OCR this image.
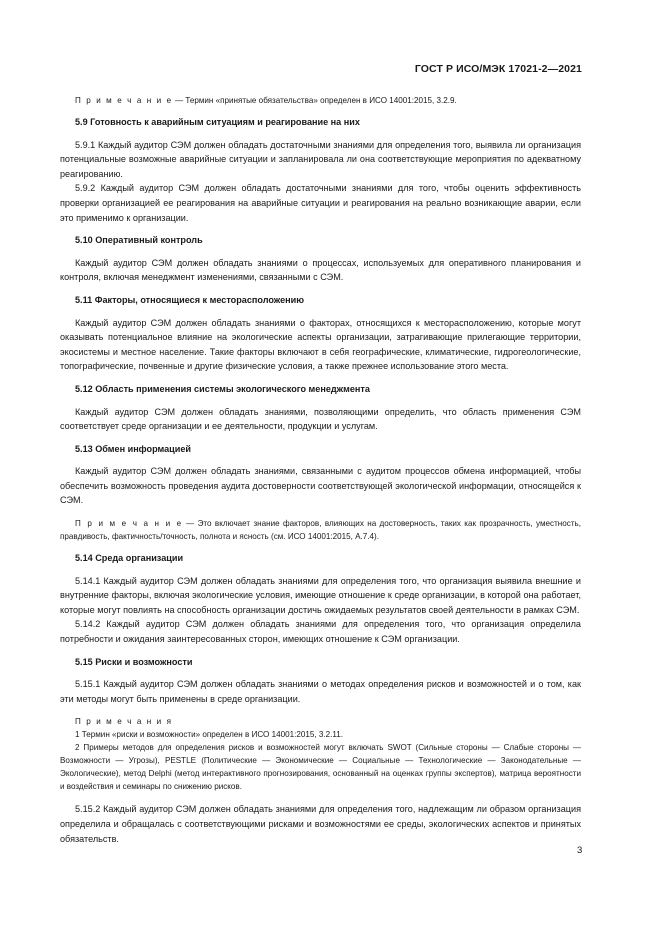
ГОСТ Р ИСО/МЭК 17021-2—2021

П р и м е ч а н и е — Термин «принятые обязательства» определен в ИСО 14001:2015, 3.2.9.

5.9 Готовность к аварийным ситуациям и реагирование на них

5.9.1 Каждый аудитор СЭМ должен обладать достаточными знаниями для определения того, выявила ли организация потенциальные возможные аварийные ситуации и запланировала ли она соответствующие мероприятия по адекватному реагированию.

5.9.2 Каждый аудитор СЭМ должен обладать достаточными знаниями для того, чтобы оценить эффективность проверки организацией ее реагирования на аварийные ситуации и реагирования на реально возникающие аварии, если это применимо к организации.

5.10 Оперативный контроль

Каждый аудитор СЭМ должен обладать знаниями о процессах, используемых для оперативного планирования и контроля, включая менеджмент изменениями, связанными с СЭМ.

5.11 Факторы, относящиеся к месторасположению

Каждый аудитор СЭМ должен обладать знаниями о факторах, относящихся к месторасположению, которые могут оказывать потенциальное влияние на экологические аспекты организации, затрагивающие прилегающие территории, экосистемы и местное население. Такие факторы включают в себя географические, климатические, гидрогеологические, топографические, почвенные и другие физические условия, а также прежнее использование этого места.

5.12 Область применения системы экологического менеджмента

Каждый аудитор СЭМ должен обладать знаниями, позволяющими определить, что область применения СЭМ соответствует среде организации и ее деятельности, продукции и услугам.

5.13 Обмен информацией

Каждый аудитор СЭМ должен обладать знаниями, связанными с аудитом процессов обмена информацией, чтобы обеспечить возможность проведения аудита достоверности соответствующей экологической информации, относящейся к СЭМ.

П р и м е ч а н и е — Это включает знание факторов, влияющих на достоверность, таких как прозрачность, уместность, правдивость, фактичность/точность, полнота и ясность (см. ИСО 14001:2015, А.7.4).

5.14 Среда организации

5.14.1 Каждый аудитор СЭМ должен обладать знаниями для определения того, что организация выявила внешние и внутренние факторы, включая экологические условия, имеющие отношение к среде организации, в которой она работает, которые могут повлиять на способность организации достичь ожидаемых результатов своей деятельности в рамках СЭМ.

5.14.2 Каждый аудитор СЭМ должен обладать знаниями для определения того, что организация определила потребности и ожидания заинтересованных сторон, имеющих отношение к СЭМ организации.

5.15 Риски и возможности

5.15.1 Каждый аудитор СЭМ должен обладать знаниями о методах определения рисков и возможностей и о том, как эти методы могут быть применены в среде организации.

П р и м е ч а н и я

1 Термин «риски и возможности» определен в ИСО 14001:2015, 3.2.11.

2 Примеры методов для определения рисков и возможностей могут включать SWOT (Сильные стороны — Слабые стороны — Возможности — Угрозы), PESTLE (Политические — Экономические — Социальные — Технологические — Законодательные — Экологические), метод Delphi (метод интерактивного прогнозирования, основанный на оценках группы экспертов), матрица вероятности и воздействия и семинары по снижению рисков.

5.15.2 Каждый аудитор СЭМ должен обладать знаниями для определения того, надлежащим ли образом организация определила и обращалась с соответствующими рисками и возможностями ее среды, экологических аспектов и принятых обязательств.

3
